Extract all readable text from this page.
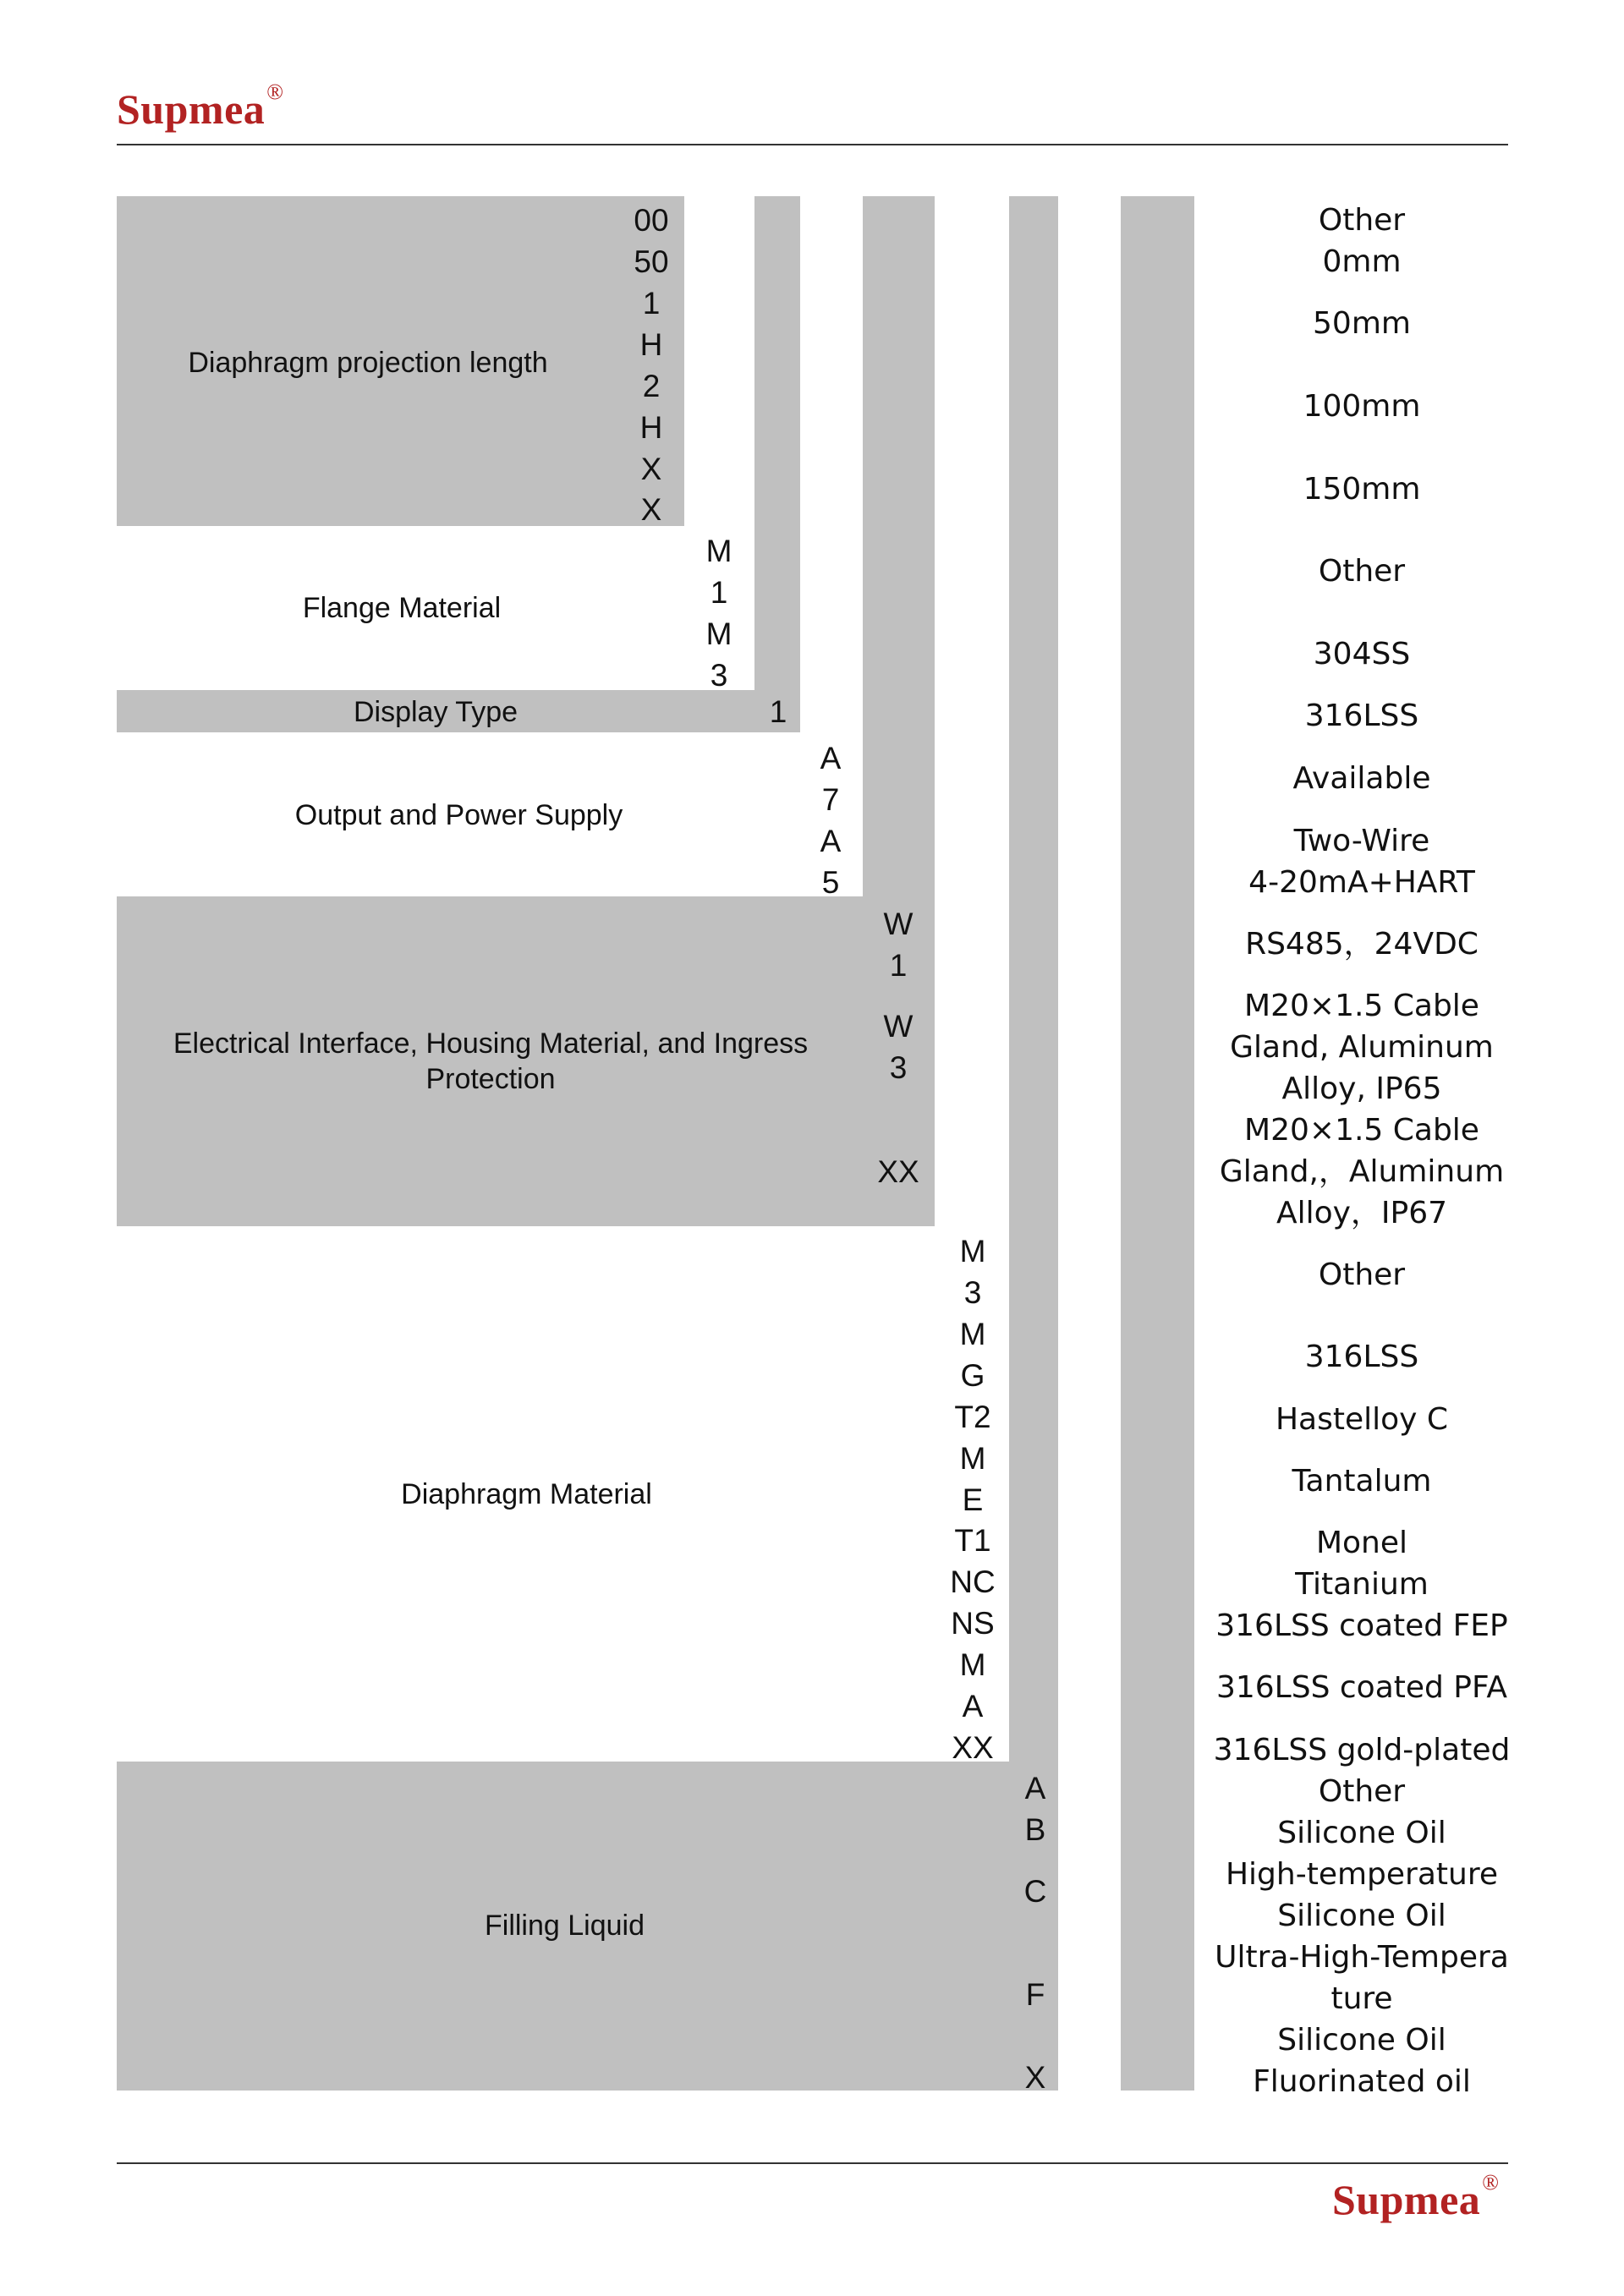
Supmea®
Diaphragm projection length
Flange Material
Display Type
Output and Power Supply
Electrical Interface, Housing Material, and Ingress Protection
Diaphragm Material
Filling Liquid
00
50
1
H
2
H
X
X
M
1
M
3
1
A
7
A
5
W
1
W
3
XX
M
3
M
G
T2
M
E
T1
NC
NS
M
A
XX
A
B
C
F
X
Other
0mm
50mm
100mm
150mm
Other
304SS
316LSS
Available
Two-Wire
4-20mA+HART
RS485，24VDC
M20×1.5 Cable
Gland, Aluminum
Alloy, IP65
M20×1.5 Cable
Gland,，Aluminum
Alloy，IP67
Other
316LSS
Hastelloy C
Tantalum
Monel
Titanium
316LSS coated FEP
316LSS coated PFA
316LSS gold-plated
Other
Silicone Oil
High-temperature
Silicone Oil
Ultra-High-Tempera
ture
Silicone Oil
Fluorinated oil
Supmea®
